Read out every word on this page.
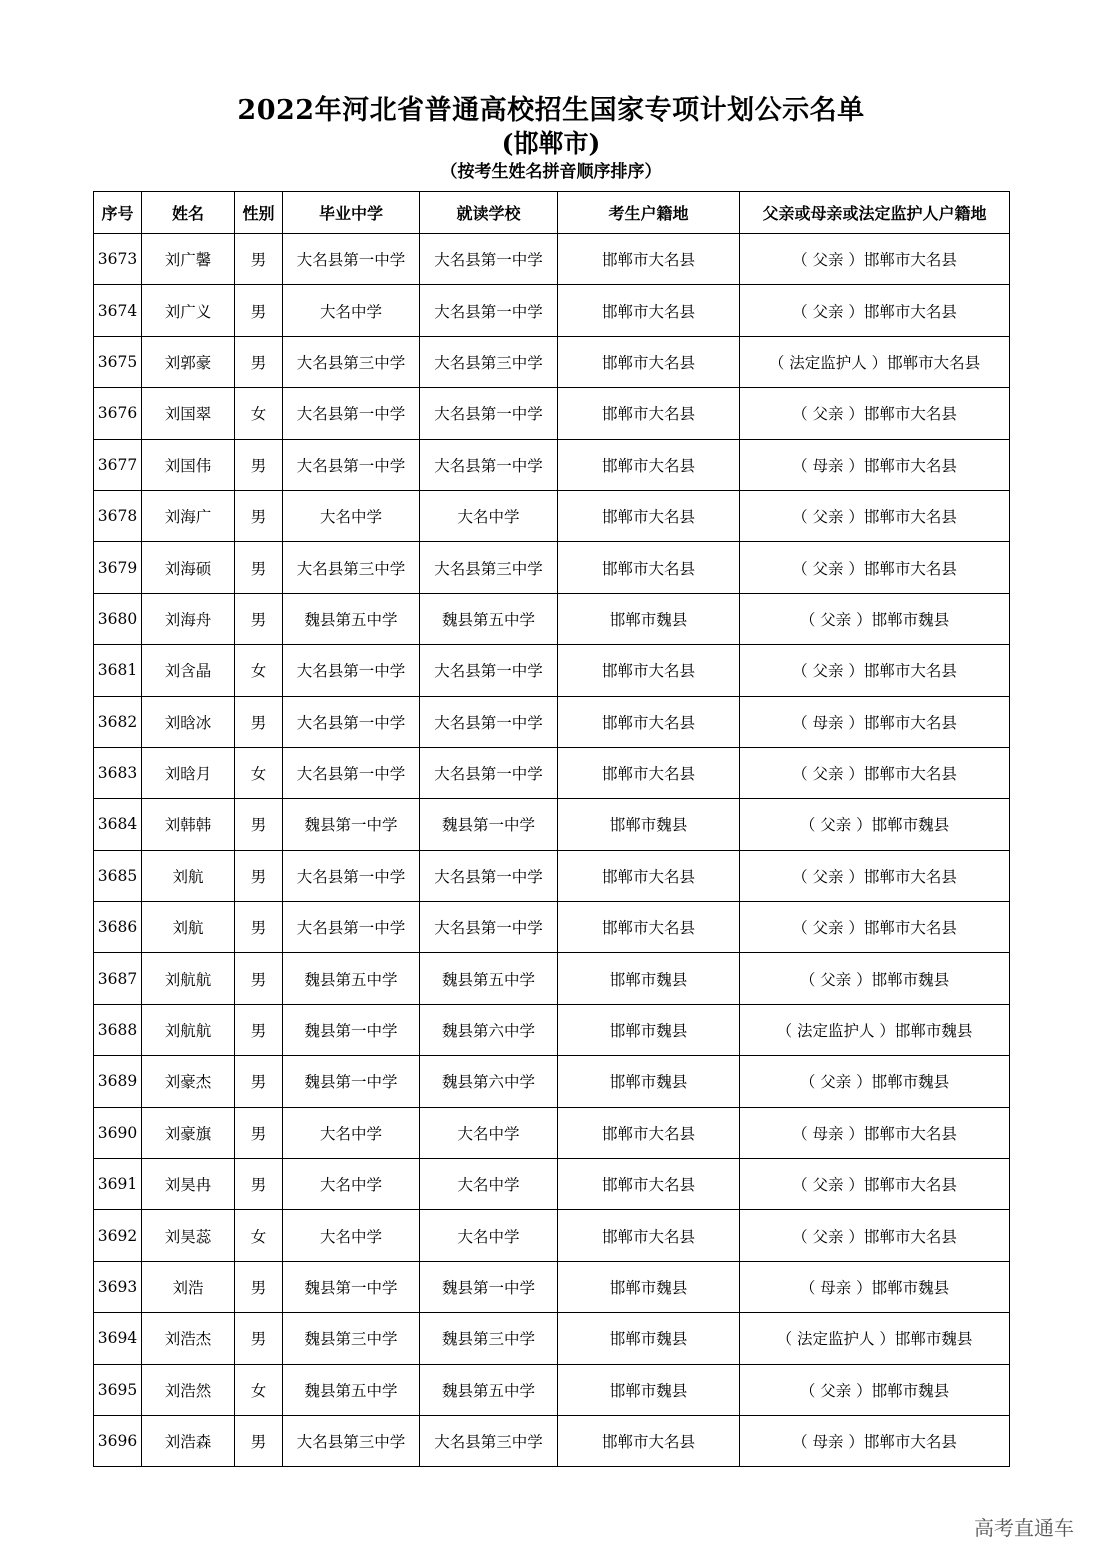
2022年河北省普通高校招生国家专项计划公示名单
(邯郸市)
（按考生姓名拼音顺序排序）
序号	姓名	性别	毕业中学	就读学校	考生户籍地	父亲或母亲或法定监护人户籍地
3673	刘广馨	男	大名县第一中学	大名县第一中学	邯郸市大名县	（ 父亲 ）邯郸市大名县
3674	刘广义	男	大名中学	大名县第一中学	邯郸市大名县	（ 父亲 ）邯郸市大名县
3675	刘郭豪	男	大名县第三中学	大名县第三中学	邯郸市大名县	（ 法定监护人 ）邯郸市大名县
3676	刘国翠	女	大名县第一中学	大名县第一中学	邯郸市大名县	（ 父亲 ）邯郸市大名县
3677	刘国伟	男	大名县第一中学	大名县第一中学	邯郸市大名县	（ 母亲 ）邯郸市大名县
3678	刘海广	男	大名中学	大名中学	邯郸市大名县	（ 父亲 ）邯郸市大名县
3679	刘海硕	男	大名县第三中学	大名县第三中学	邯郸市大名县	（ 父亲 ）邯郸市大名县
3680	刘海舟	男	魏县第五中学	魏县第五中学	邯郸市魏县	（ 父亲 ）邯郸市魏县
3681	刘含晶	女	大名县第一中学	大名县第一中学	邯郸市大名县	（ 父亲 ）邯郸市大名县
3682	刘晗冰	男	大名县第一中学	大名县第一中学	邯郸市大名县	（ 母亲 ）邯郸市大名县
3683	刘晗月	女	大名县第一中学	大名县第一中学	邯郸市大名县	（ 父亲 ）邯郸市大名县
3684	刘韩韩	男	魏县第一中学	魏县第一中学	邯郸市魏县	（ 父亲 ）邯郸市魏县
3685	刘航	男	大名县第一中学	大名县第一中学	邯郸市大名县	（ 父亲 ）邯郸市大名县
3686	刘航	男	大名县第一中学	大名县第一中学	邯郸市大名县	（ 父亲 ）邯郸市大名县
3687	刘航航	男	魏县第五中学	魏县第五中学	邯郸市魏县	（ 父亲 ）邯郸市魏县
3688	刘航航	男	魏县第一中学	魏县第六中学	邯郸市魏县	（ 法定监护人 ）邯郸市魏县
3689	刘豪杰	男	魏县第一中学	魏县第六中学	邯郸市魏县	（ 父亲 ）邯郸市魏县
3690	刘豪旗	男	大名中学	大名中学	邯郸市大名县	（ 母亲 ）邯郸市大名县
3691	刘昊冉	男	大名中学	大名中学	邯郸市大名县	（ 父亲 ）邯郸市大名县
3692	刘昊蕊	女	大名中学	大名中学	邯郸市大名县	（ 父亲 ）邯郸市大名县
3693	刘浩	男	魏县第一中学	魏县第一中学	邯郸市魏县	（ 母亲 ）邯郸市魏县
3694	刘浩杰	男	魏县第三中学	魏县第三中学	邯郸市魏县	（ 法定监护人 ）邯郸市魏县
3695	刘浩然	女	魏县第五中学	魏县第五中学	邯郸市魏县	（ 父亲 ）邯郸市魏县
3696	刘浩森	男	大名县第三中学	大名县第三中学	邯郸市大名县	（ 母亲 ）邯郸市大名县
高考直通车
